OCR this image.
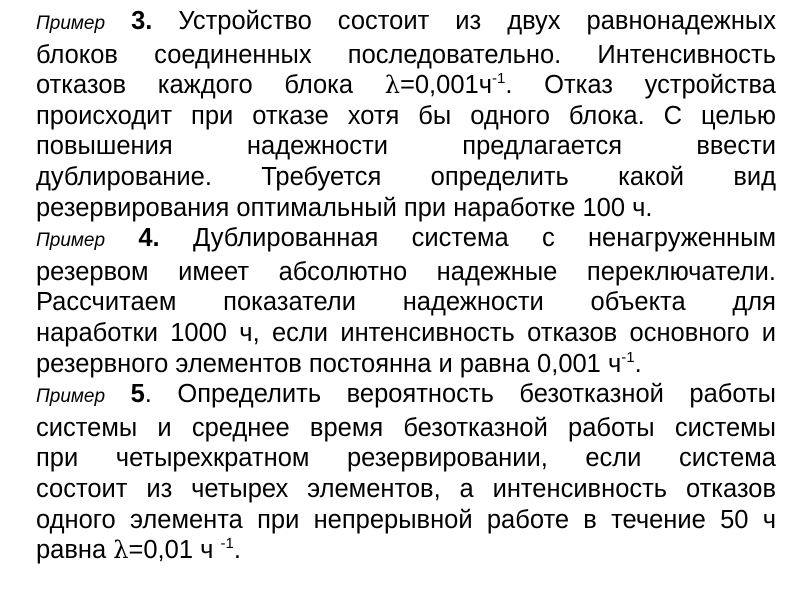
Пример 3. Устройство состоит из двух равнонадежных
блоков соединенных последовательно. Интенсивность
отказов каждого блока $\lambda=0,001ч^{-1}$. Отказ устройства
происходит при отказе хотя бы одного блока. С целью
повышения надежности предлагается ввести
дублирование. Требуется определить какой вид
резервирования оптимальный при наработке 100 ч.
Пример 4. Дублированная система с ненагруженным
резервом имеет абсолютно надежные переключатели.
Рассчитаем показатели надежности объекта для
наработки 1000 ч, если интенсивность отказов основного и
резервного элементов постоянна и равна 0,001 $ч^{-1}$.
Пример 5. Определить вероятность безотказной работы
системы и среднее время безотказной работы системы
при четырехкратном резервировании, если система
состоит из четырех элементов, а интенсивность отказов
одного элемента при непрерывной работе в течение 50 ч
равна λ=0,01 ч $^{-1}$.
